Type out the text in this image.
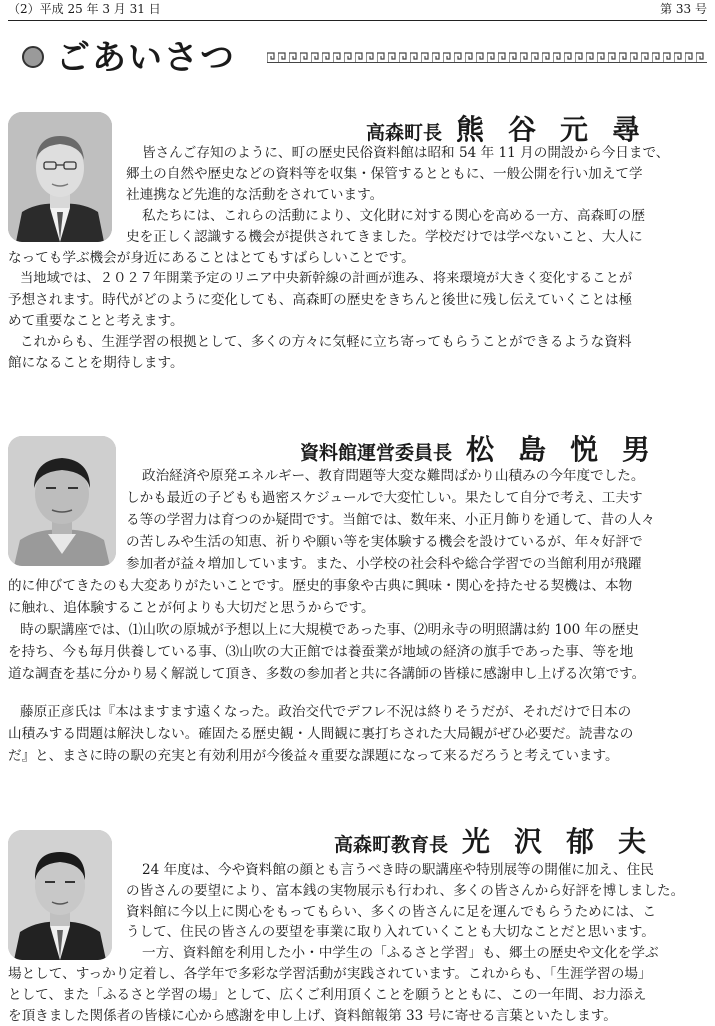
（2）平成 25 年 3 月 31 日	第 33 号
ごあいさつ
高森町長 熊谷元尋
皆さんご存知のように、町の歴史民俗資料館は昭和 54 年 11 月の開設から今日まで、
郷土の自然や歴史などの資料等を収集・保管するとともに、一般公開を行い加えて学
社連携など先進的な活動をされています。
私たちには、これらの活動により、文化財に対する関心を高める一方、高森町の歴
史を正しく認識する機会が提供されてきました。学校だけでは学べないこと、大人に
なっても学ぶ機会が身近にあることはとてもすばらしいことです。
当地域では、２０２７年開業予定のリニア中央新幹線の計画が進み、将来環境が大きく変化することが
予想されます。時代がどのように変化しても、高森町の歴史をきちんと後世に残し伝えていくことは極
めて重要なことと考えます。
これからも、生涯学習の根拠として、多くの方々に気軽に立ち寄ってもらうことができるような資料
館になることを期待します。
資料館運営委員長 松島悦男
政治経済や原発エネルギー、教育問題等大変な難問ばかり山積みの今年度でした。
しかも最近の子どもも過密スケジュールで大変忙しい。果たして自分で考え、工夫す
る等の学習力は育つのか疑問です。当館では、数年来、小正月飾りを通して、昔の人々
の苦しみや生活の知恵、祈りや願い等を実体験する機会を設けているが、年々好評で
参加者が益々増加しています。また、小学校の社会科や総合学習での当館利用が飛躍
的に伸びてきたのも大変ありがたいことです。歴史的事象や古典に興味・関心を持たせる契機は、本物
に触れ、追体験することが何よりも大切だと思うからです。
時の駅講座では、⑴山吹の原城が予想以上に大規模であった事、⑵明永寺の明照講は約 100 年の歴史
を持ち、今も毎月供養している事、⑶山吹の大正館では養蚕業が地域の経済の旗手であった事、等を地
道な調査を基に分かり易く解説して頂き、多数の参加者と共に各講師の皆様に感謝申し上げる次第です。
藤原正彦氏は『本はますます遠くなった。政治交代でデフレ不況は終りそうだが、それだけで日本の
山積みする問題は解決しない。確固たる歴史観・人間観に裏打ちされた大局観がぜひ必要だ。読書なの
だ』と、まさに時の駅の充実と有効利用が今後益々重要な課題になって来るだろうと考えています。
高森町教育長 光沢郁夫
24 年度は、今や資料館の顔とも言うべき時の駅講座や特別展等の開催に加え、住民
の皆さんの要望により、富本銭の実物展示も行われ、多くの皆さんから好評を博しました。
資料館に今以上に関心をもってもらい、多くの皆さんに足を運んでもらうためには、こ
うして、住民の皆さんの要望を事業に取り入れていくことも大切なことだと思います。
一方、資料館を利用した小・中学生の「ふるさと学習」も、郷土の歴史や文化を学ぶ
場として、すっかり定着し、各学年で多彩な学習活動が実践されています。これからも、「生涯学習の場」
として、また「ふるさと学習の場」として、広くご利用頂くことを願うとともに、この一年間、お力添え
を頂きました関係者の皆様に心から感謝を申し上げ、資料館報第 33 号に寄せる言葉といたします。
